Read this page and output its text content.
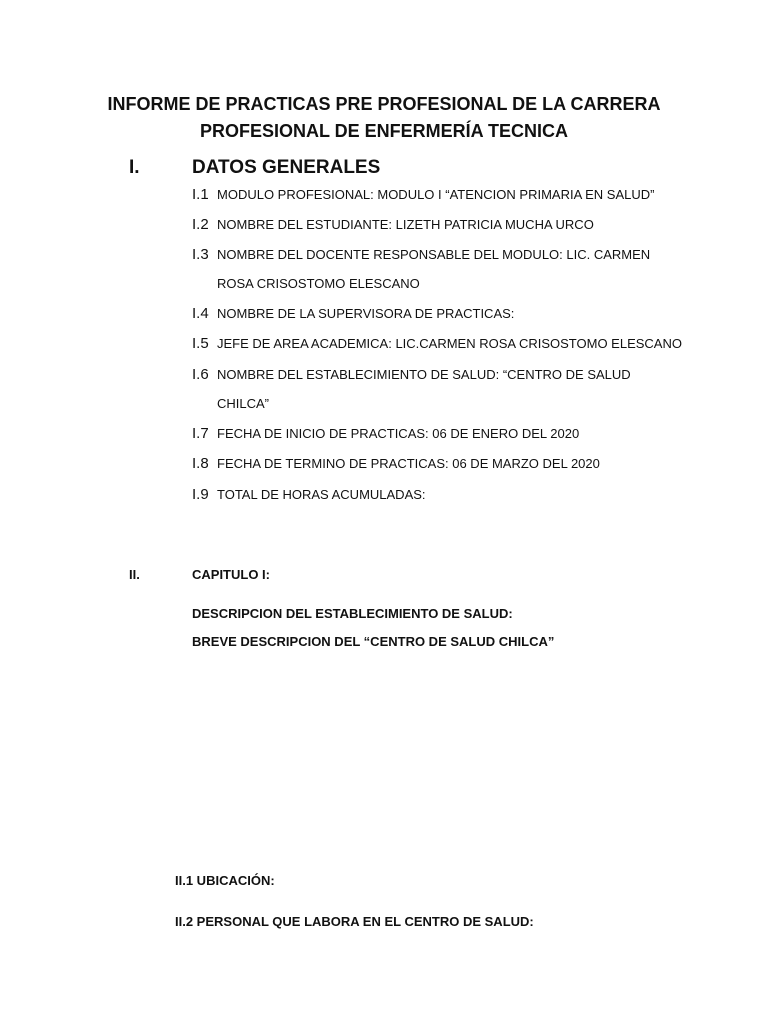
INFORME DE PRACTICAS PRE PROFESIONAL DE LA CARRERA
PROFESIONAL DE ENFERMERÍA TECNICA
I.	DATOS GENERALES
I.1 MODULO PROFESIONAL: MODULO I “ATENCION PRIMARIA EN SALUD”
I.2 NOMBRE DEL ESTUDIANTE: LIZETH PATRICIA MUCHA URCO
I.3 NOMBRE DEL DOCENTE RESPONSABLE DEL MODULO: LIC. CARMEN
ROSA CRISOSTOMO ELESCANO
I.4 NOMBRE DE LA SUPERVISORA DE PRACTICAS:
I.5 JEFE DE AREA ACADEMICA: LIC.CARMEN ROSA CRISOSTOMO ELESCANO
I.6 NOMBRE DEL ESTABLECIMIENTO DE SALUD: “CENTRO DE SALUD
CHILCA”
I.7 FECHA DE INICIO DE PRACTICAS: 06 DE ENERO DEL 2020
I.8 FECHA DE TERMINO DE PRACTICAS: 06 DE MARZO DEL 2020
I.9 TOTAL DE HORAS ACUMULADAS:
II.	CAPITULO I:
DESCRIPCION DEL ESTABLECIMIENTO DE SALUD:
BREVE DESCRIPCION DEL “CENTRO DE SALUD CHILCA”
II.1 UBICACIÓN:
II.2 PERSONAL QUE LABORA EN EL CENTRO DE SALUD:
